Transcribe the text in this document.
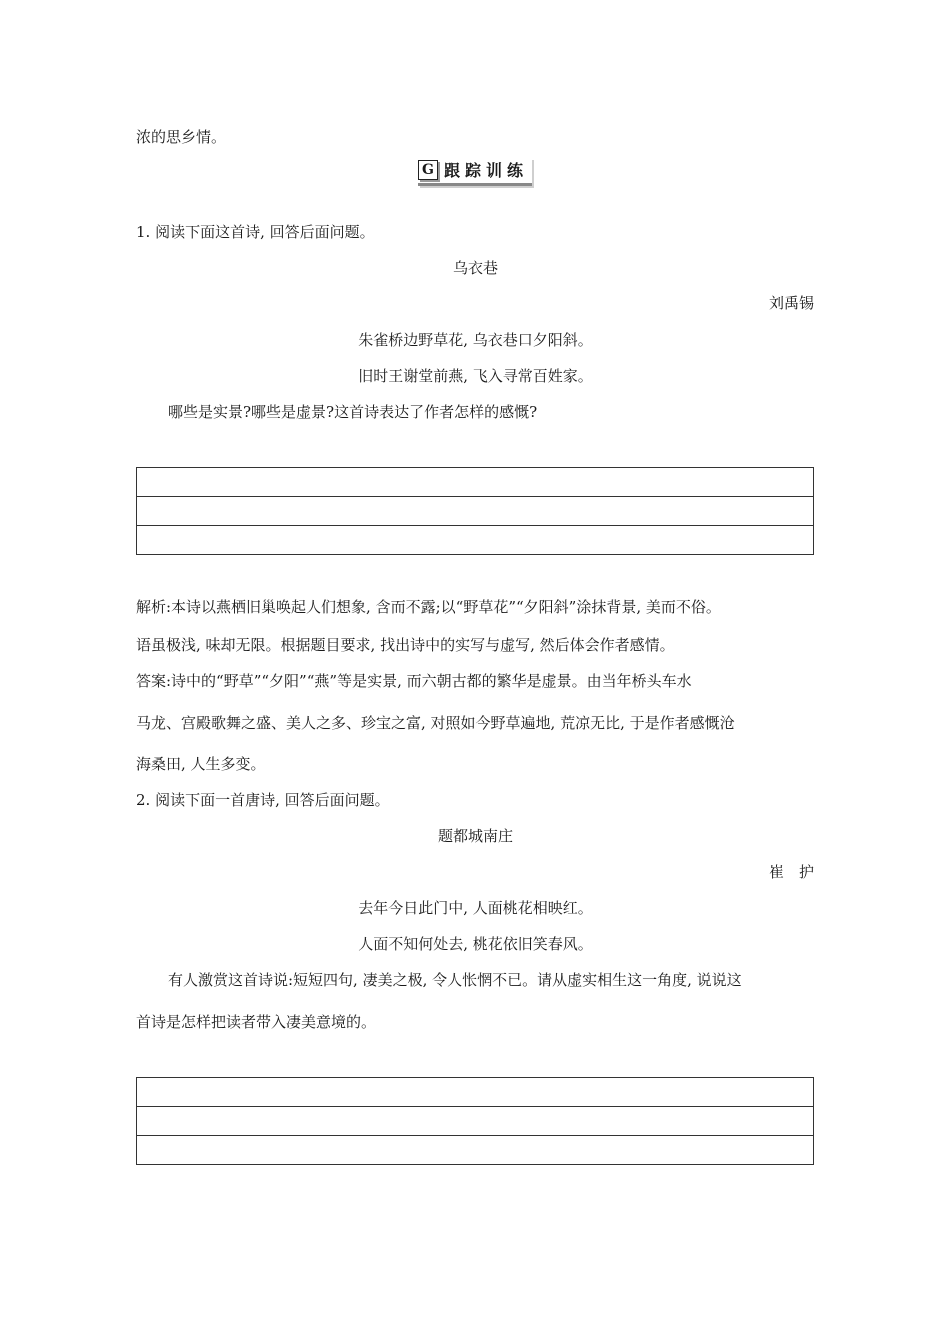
浓的思乡情。
G 跟踪训练
1. 阅读下面这首诗, 回答后面问题。
乌衣巷
刘禹锡
朱雀桥边野草花, 乌衣巷口夕阳斜。
旧时王谢堂前燕, 飞入寻常百姓家。
哪些是实景?哪些是虚景?这首诗表达了作者怎样的感慨?
解析:本诗以燕栖旧巢唤起人们想象, 含而不露;以“野草花”“夕阳斜”涂抹背景, 美而不俗。
语虽极浅, 味却无限。根据题目要求, 找出诗中的实写与虚写, 然后体会作者感情。
答案:诗中的“野草”“夕阳”“燕”等是实景, 而六朝古都的繁华是虚景。由当年桥头车水
马龙、宫殿歌舞之盛、美人之多、珍宝之富, 对照如今野草遍地, 荒凉无比, 于是作者感慨沧
海桑田, 人生多变。
2. 阅读下面一首唐诗, 回答后面问题。
题都城南庄
崔　护
去年今日此门中, 人面桃花相映红。
人面不知何处去, 桃花依旧笑春风。
有人激赏这首诗说:短短四句, 凄美之极, 令人怅惘不已。请从虚实相生这一角度, 说说这
首诗是怎样把读者带入凄美意境的。
